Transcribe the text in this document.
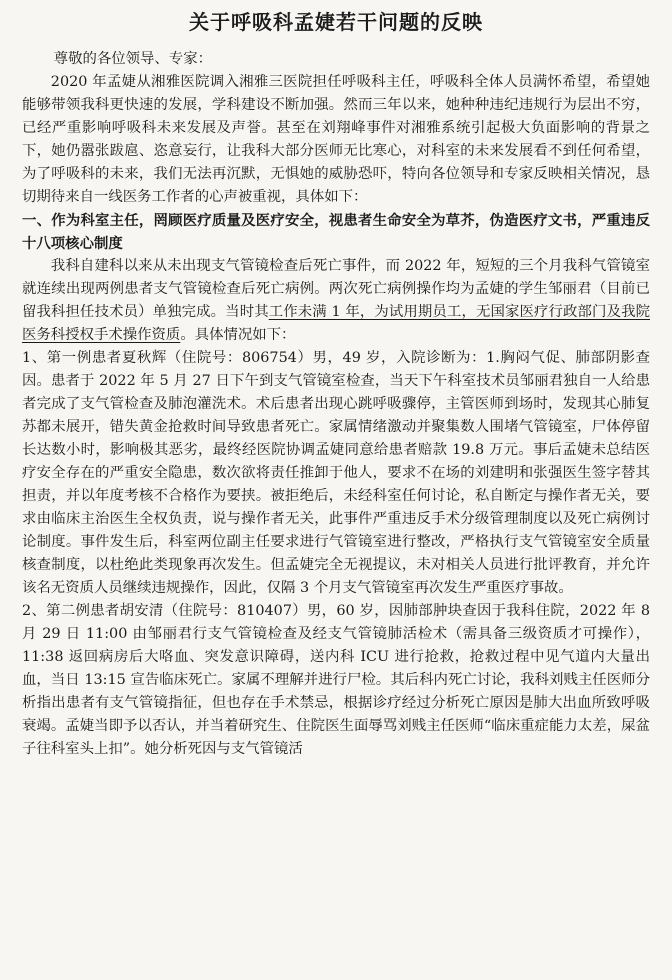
关于呼吸科孟婕若干问题的反映

尊敬的各位领导、专家：

2020 年孟婕从湘雅医院调入湘雅三医院担任呼吸科主任，呼吸科全体人员满怀希望，希望她能够带领我科更快速的发展，学科建设不断加强。然而三年以来，她种种违纪违规行为层出不穷，已经严重影响呼吸科未来发展及声誉。甚至在刘翔峰事件对湘雅系统引起极大负面影响的背景之下，她仍嚣张跋扈、恣意妄行，让我科大部分医师无比寒心，对科室的未来发展看不到任何希望，为了呼吸科的未来，我们无法再沉默，无惧她的威胁恐吓，特向各位领导和专家反映相关情况，恳切期待来自一线医务工作者的心声被重视，具体如下：

一、作为科室主任，罔顾医疗质量及医疗安全，视患者生命安全为草芥，伪造医疗文书，严重违反十八项核心制度

我科自建科以来从未出现支气管镜检查后死亡事件，而 2022 年，短短的三个月我科气管镜室就连续出现两例患者支气管镜检查后死亡病例。两次死亡病例操作均为孟婕的学生邹丽君（目前已留我科担任技术员）单独完成。当时其工作未满 1 年，为试用期员工，无国家医疗行政部门及我院医务科授权手术操作资质。具体情况如下：

1、第一例患者夏秋辉（住院号：806754）男，49 岁，入院诊断为：1.胸闷气促、肺部阴影查因。患者于 2022 年 5 月 27 日下午到支气管镜室检查，当天下午科室技术员邹丽君独自一人给患者完成了支气管检查及肺泡灌洗术。术后患者出现心跳呼吸骤停，主管医师到场时，发现其心肺复苏都未展开，错失黄金抢救时间导致患者死亡。家属情绪激动并聚集数人围堵气管镜室，尸体停留长达数小时，影响极其恶劣，最终经医院协调孟婕同意给患者赔款 19.8 万元。事后孟婕未总结医疗安全存在的严重安全隐患，数次欲将责任推卸于他人，要求不在场的刘建明和张强医生签字替其担责，并以年度考核不合格作为要挟。被拒绝后，未经科室任何讨论，私自断定与操作者无关，要求由临床主治医生全权负责，说与操作者无关，此事件严重违反手术分级管理制度以及死亡病例讨论制度。事件发生后，科室两位副主任要求进行气管镜室进行整改，严格执行支气管镜室安全质量核查制度，以杜绝此类现象再次发生。但孟婕完全无视提议，未对相关人员进行批评教育，并允许该名无资质人员继续违规操作，因此，仅隔 3 个月支气管镜室再次发生严重医疗事故。

2、第二例患者胡安清（住院号：810407）男，60 岁，因肺部肿块查因于我科住院，2022 年 8 月 29 日 11:00 由邹丽君行支气管镜检查及经支气管镜肺活检术（需具备三级资质才可操作），11:38 返回病房后大咯血、突发意识障碍，送内科 ICU 进行抢救，抢救过程中见气道内大量出血，当日 13:15 宣告临床死亡。家属不理解并进行尸检。其后科内死亡讨论，我科刘贱主任医师分析指出患者有支气管镜指征，但也存在手术禁忌，根据诊疗经过分析死亡原因是肺大出血所致呼吸衰竭。孟婕当即予以否认，并当着研究生、住院医生面辱骂刘贱主任医师“临床重症能力太差，屎盆子往科室头上扣”。她分析死因与支气管镜活
